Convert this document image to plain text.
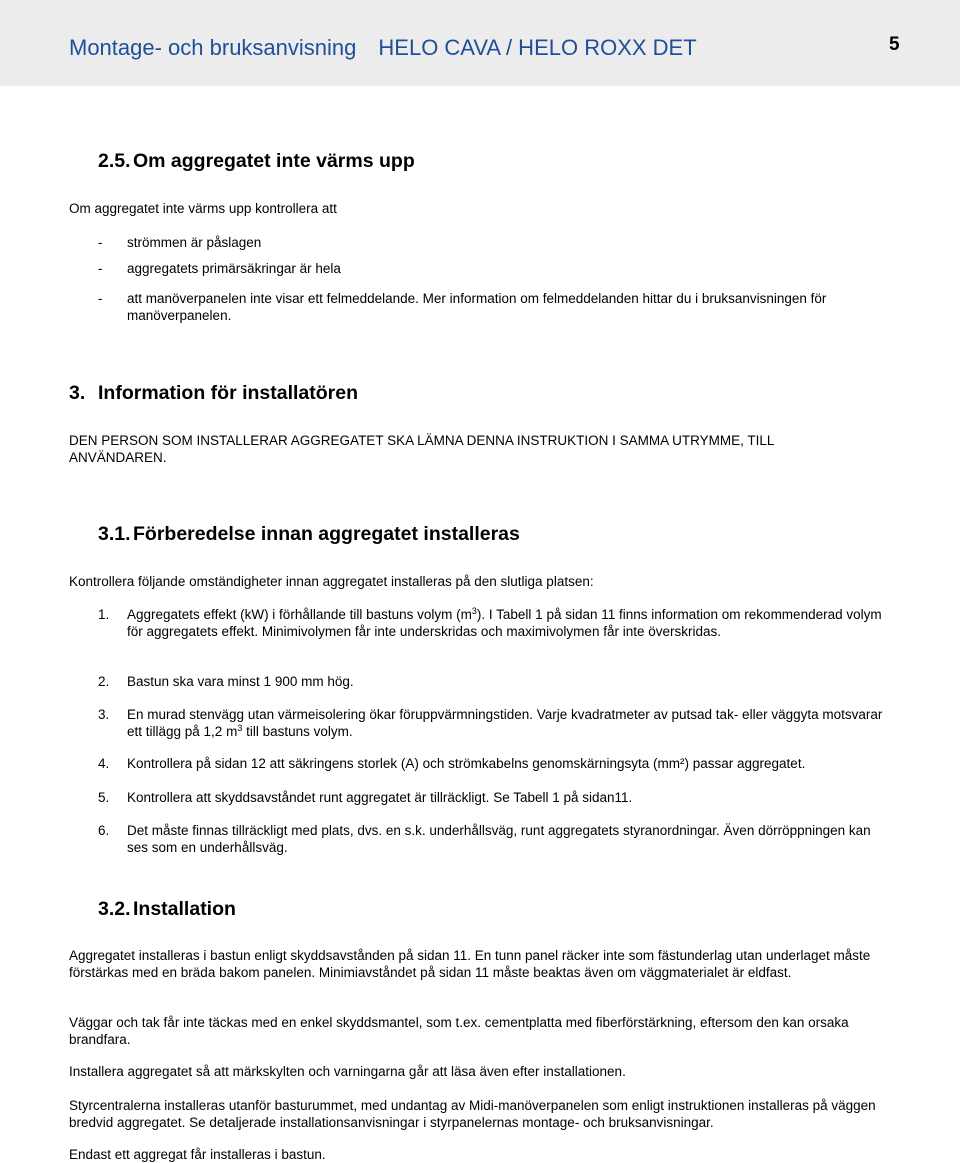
Montage- och bruksanvisning HELO CAVA / HELO ROXX DET	5
2.5. Om aggregatet inte värms upp

Om aggregatet inte värms upp kontrollera att

- strömmen är påslagen
- aggregatets primärsäkringar är hela
- att manöverpanelen inte visar ett felmeddelande. Mer information om felmeddelanden hittar du i bruksanvisningen för manöverpanelen.
3. Information för installatören

DEN PERSON SOM INSTALLERAR AGGREGATET SKA LÄMNA DENNA INSTRUKTION I SAMMA UTRYMME, TILL ANVÄNDAREN.

3.1. Förberedelse innan aggregatet installeras

Kontrollera följande omständigheter innan aggregatet installeras på den slutliga platsen:

1. Aggregatets effekt (kW) i förhållande till bastuns volym $(m^3)$. I Tabell 1 på sidan 11 finns information om rekommenderad volym för aggregatets effekt. Minimivolymen får inte underskridas och maximivolymen får inte överskridas.
2. Bastun ska vara minst 1 900 mm hög.
3. En murad stenvägg utan värmeisolering ökar föruppvärmningstiden. Varje kvadratmeter av putsad tak- eller väggyta motsvarar ett tillägg på 1,2 $m^3$ till bastuns volym.
4. Kontrollera på sidan 12 att säkringens storlek (A) och strömkabelns genomskärningsyta (mm²) passar aggregatet.
5. Kontrollera att skyddsavståndet runt aggregatet är tillräckligt. Se Tabell 1 på sidan11.
6. Det måste finnas tillräckligt med plats, dvs. en s.k. underhållsväg, runt aggregatets styranordningar. Även dörröppningen kan ses som en underhållsväg.
3.2. Installation

Aggregatet installeras i bastun enligt skyddsavstånden på sidan 11. En tunn panel räcker inte som fästunderlag utan underlaget måste förstärkas med en bräda bakom panelen. Minimiavståndet på sidan 11 måste beaktas även om väggmaterialet är eldfast.

Väggar och tak får inte täckas med en enkel skyddsmantel, som t.ex. cementplatta med fiberförstärkning, eftersom den kan orsaka brandfara.

Installera aggregatet så att märkskylten och varningarna går att läsa även efter installationen.

Styrcentralerna installeras utanför basturummet, med undantag av Midi-manöverpanelen som enligt instruktionen installeras på väggen bredvid aggregatet. Se detaljerade installationsanvisningar i styrpanelernas montage- och bruksanvisningar.

Endast ett aggregat får installeras i bastun.
